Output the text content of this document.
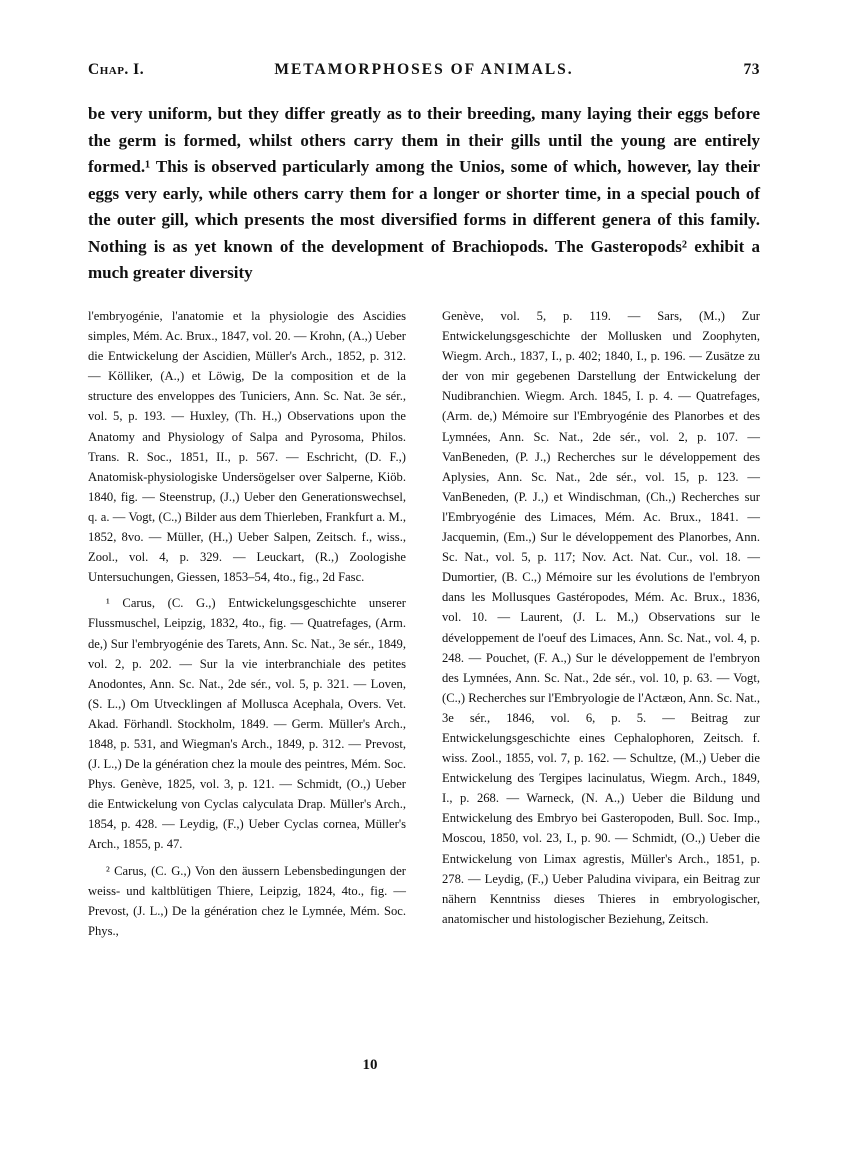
Chap. I.	METAMORPHOSES OF ANIMALS.	73

be very uniform, but they differ greatly as to their breeding, many laying their eggs before the germ is formed, whilst others carry them in their gills until the young are entirely formed.¹ This is observed particularly among the Unios, some of which, however, lay their eggs very early, while others carry them for a longer or shorter time, in a special pouch of the outer gill, which presents the most diversified forms in different genera of this family. Nothing is as yet known of the development of Brachiopods. The Gasteropods² exhibit a much greater diversity

l'embryogénie, l'anatomie et la physiologie des Ascidies simples, Mém. Ac. Brux., 1847, vol. 20. — Krohn, (A.,) Ueber die Entwickelung der Ascidien, Müller's Arch., 1852, p. 312. — Kölliker, (A.,) et Löwig, De la composition et de la structure des enveloppes des Tuniciers, Ann. Sc. Nat. 3e sér., vol. 5, p. 193. — Huxley, (Th. H.,) Observations upon the Anatomy and Physiology of Salpa and Pyrosoma, Philos. Trans. R. Soc., 1851, II., p. 567. — Eschricht, (D. F.,) Anatomisk-physiologiske Undersögelser over Salperne, Kiöb. 1840, fig. — Steenstrup, (J.,) Ueber den Generationswechsel, q. a. — Vogt, (C.,) Bilder aus dem Thierleben, Frankfurt a. M., 1852, 8vo. — Müller, (H.,) Ueber Salpen, Zeitsch. f., wiss., Zool., vol. 4, p. 329. — Leuckart, (R.,) Zoologishe Untersuchungen, Giessen, 1853–54, 4to., fig., 2d Fasc.

¹ Carus, (C. G.,) Entwickelungsgeschichte unserer Flussmuschel, Leipzig, 1832, 4to., fig. — Quatrefages, (Arm. de,) Sur l'embryogénie des Tarets, Ann. Sc. Nat., 3e sér., 1849, vol. 2, p. 202. — Sur la vie interbranchiale des petites Anodontes, Ann. Sc. Nat., 2de sér., vol. 5, p. 321. — Loven, (S. L.,) Om Utvecklingen af Mollusca Acephala, Overs. Vet. Akad. Förhandl. Stockholm, 1849. — Germ. Müller's Arch., 1848, p. 531, and Wiegman's Arch., 1849, p. 312. — Prevost, (J. L.,) De la génération chez la moule des peintres, Mém. Soc. Phys. Genève, 1825, vol. 3, p. 121. — Schmidt, (O.,) Ueber die Entwickelung von Cyclas calyculata Drap. Müller's Arch., 1854, p. 428. — Leydig, (F.,) Ueber Cyclas cornea, Müller's Arch., 1855, p. 47.

² Carus, (C. G.,) Von den äussern Lebensbedingungen der weiss- und kaltblütigen Thiere, Leipzig, 1824, 4to., fig. — Prevost, (J. L.,) De la génération chez le Lymnée, Mém. Soc. Phys.,

Genève, vol. 5, p. 119. — Sars, (M.,) Zur Entwickelungsgeschichte der Mollusken und Zoophyten, Wiegm. Arch., 1837, I., p. 402; 1840, I., p. 196. — Zusätze zu der von mir gegebenen Darstellung der Entwickelung der Nudibranchien. Wiegm. Arch. 1845, I. p. 4. — Quatrefages, (Arm. de,) Mémoire sur l'Embryogénie des Planorbes et des Lymnées, Ann. Sc. Nat., 2de sér., vol. 2, p. 107. — VanBeneden, (P. J.,) Recherches sur le développement des Aplysies, Ann. Sc. Nat., 2de sér., vol. 15, p. 123. — VanBeneden, (P. J.,) et Windischman, (Ch.,) Recherches sur l'Embryogénie des Limaces, Mém. Ac. Brux., 1841. — Jacquemin, (Em.,) Sur le développement des Planorbes, Ann. Sc. Nat., vol. 5, p. 117; Nov. Act. Nat. Cur., vol. 18. — Dumortier, (B. C.,) Mémoire sur les évolutions de l'embryon dans les Mollusques Gastéropodes, Mém. Ac. Brux., 1836, vol. 10. — Laurent, (J. L. M.,) Observations sur le développement de l'oeuf des Limaces, Ann. Sc. Nat., vol. 4, p. 248. — Pouchet, (F. A.,) Sur le développement de l'embryon des Lymnées, Ann. Sc. Nat., 2de sér., vol. 10, p. 63. — Vogt, (C.,) Recherches sur l'Embryologie de l'Actæon, Ann. Sc. Nat., 3e sér., 1846, vol. 6, p. 5. — Beitrag zur Entwickelungsgeschichte eines Cephalophoren, Zeitsch. f. wiss. Zool., 1855, vol. 7, p. 162. — Schultze, (M.,) Ueber die Entwickelung des Tergipes lacinulatus, Wiegm. Arch., 1849, I., p. 268. — Warneck, (N. A.,) Ueber die Bildung und Entwickelung des Embryo bei Gasteropoden, Bull. Soc. Imp., Moscou, 1850, vol. 23, I., p. 90. — Schmidt, (O.,) Ueber die Entwickelung von Limax agrestis, Müller's Arch., 1851, p. 278. — Leydig, (F.,) Ueber Paludina vivipara, ein Beitrag zur nähern Kenntniss dieses Thieres in embryologischer, anatomischer und histologischer Beziehung, Zeitsch.

10
